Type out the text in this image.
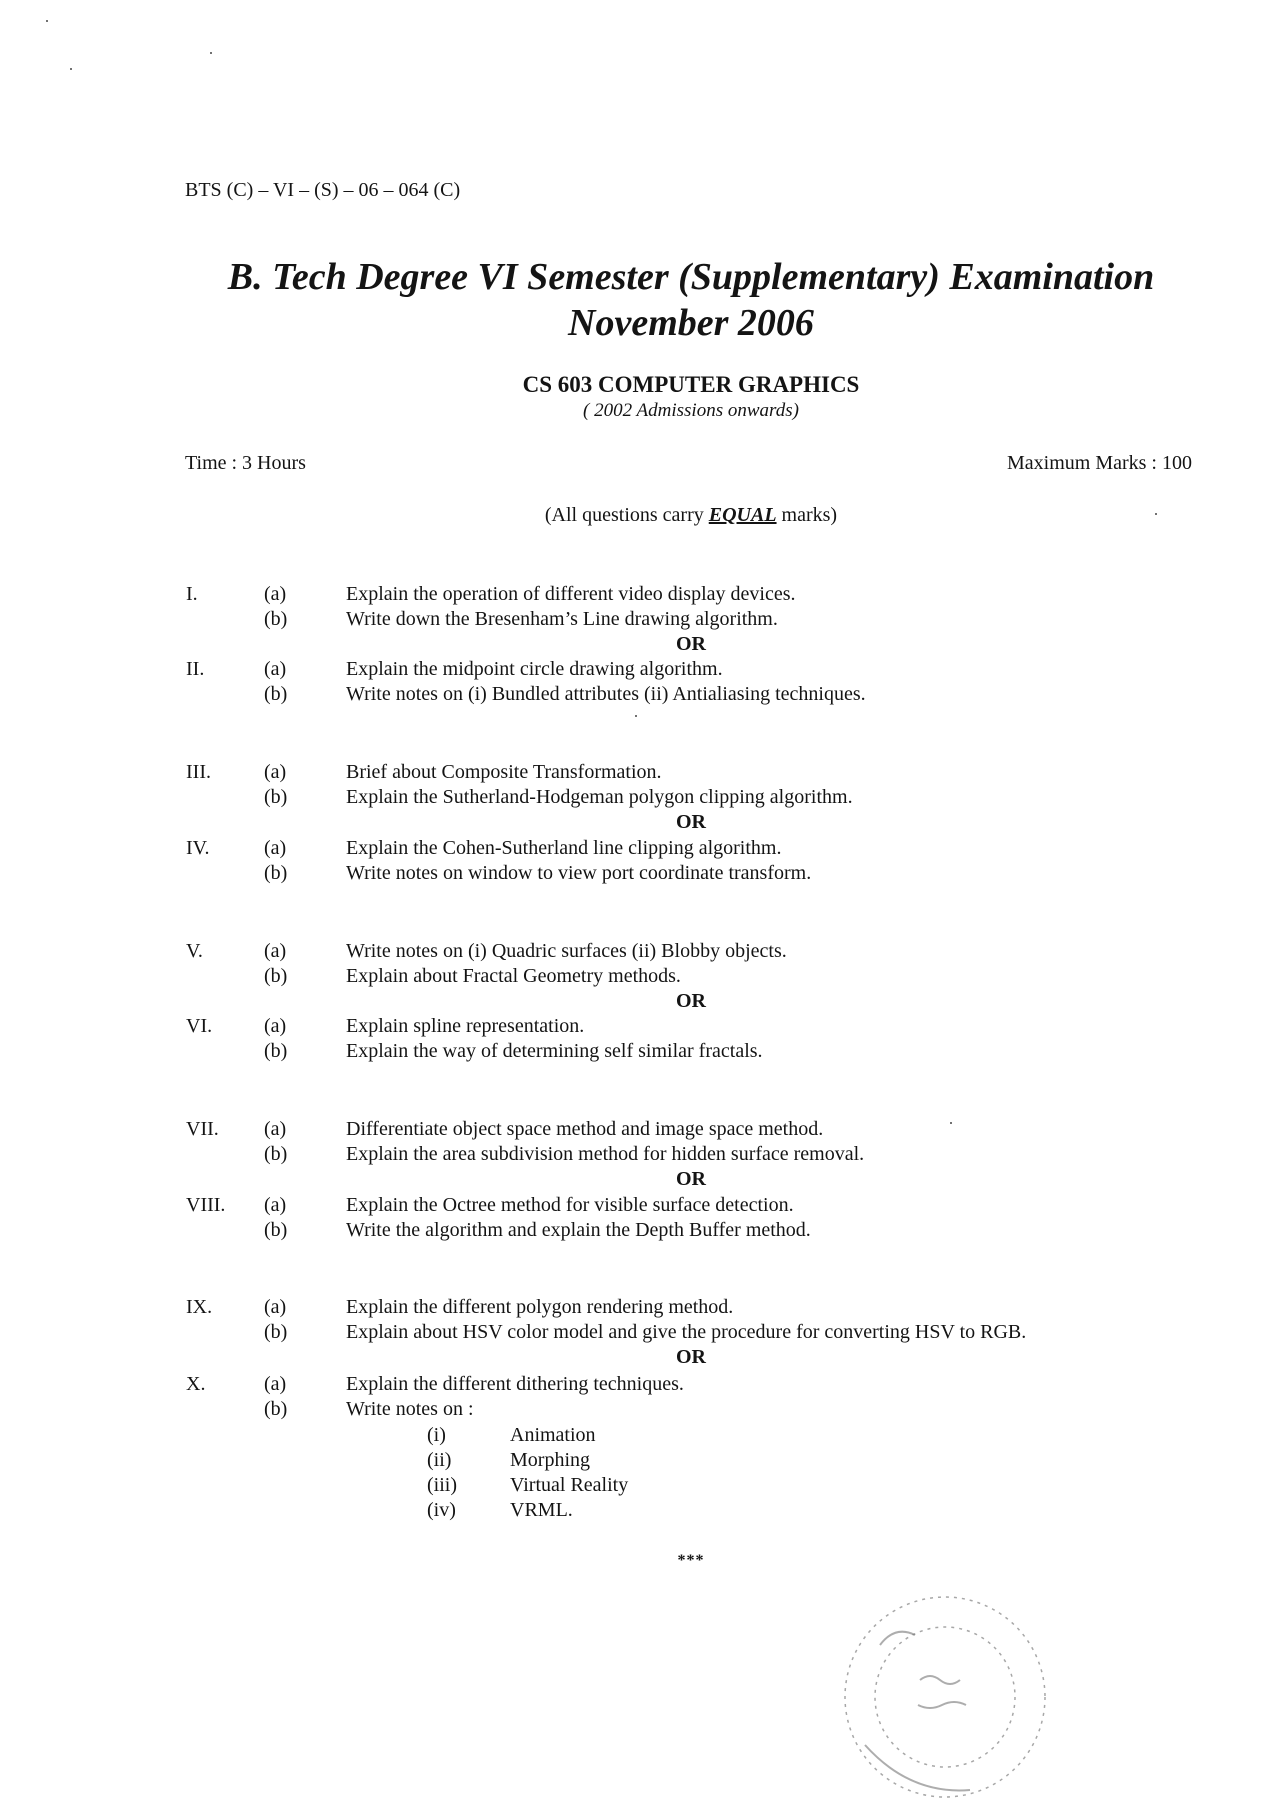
BTS (C) – VI – (S) – 06 – 064 (C)
B. Tech Degree VI Semester (Supplementary) Examination
November 2006
CS 603 COMPUTER GRAPHICS
( 2002 Admissions onwards)
Time : 3 Hours	Maximum Marks : 100
(All questions carry EQUAL marks)
I.	(a)	Explain the operation of different video display devices.
(b)	Write down the Bresenham’s Line drawing algorithm.
OR
II.	(a)	Explain the midpoint circle drawing algorithm.
(b)	Write notes on (i) Bundled attributes (ii) Antialiasing techniques.
III.	(a)	Brief about Composite Transformation.
(b)	Explain the Sutherland-Hodgeman polygon clipping algorithm.
OR
IV.	(a)	Explain the Cohen-Sutherland line clipping algorithm.
(b)	Write notes on window to view port coordinate transform.
V.	(a)	Write notes on (i) Quadric surfaces (ii) Blobby objects.
(b)	Explain about Fractal Geometry methods.
OR
VI.	(a)	Explain spline representation.
(b)	Explain the way of determining self similar fractals.
VII. (a)	Differentiate object space method and image space method.
(b)	Explain the area subdivision method for hidden surface removal.
OR
VIII. (a)	Explain the Octree method for visible surface detection.
(b)	Write the algorithm and explain the Depth Buffer method.
IX.	(a)	Explain the different polygon rendering method.
(b)	Explain about HSV color model and give the procedure for converting HSV to RGB.
OR
X.	(a)	Explain the different dithering techniques.
(b)	Write notes on :
(i)	Animation
(ii)	Morphing
(iii)	Virtual Reality
(iv)	VRML.
***
